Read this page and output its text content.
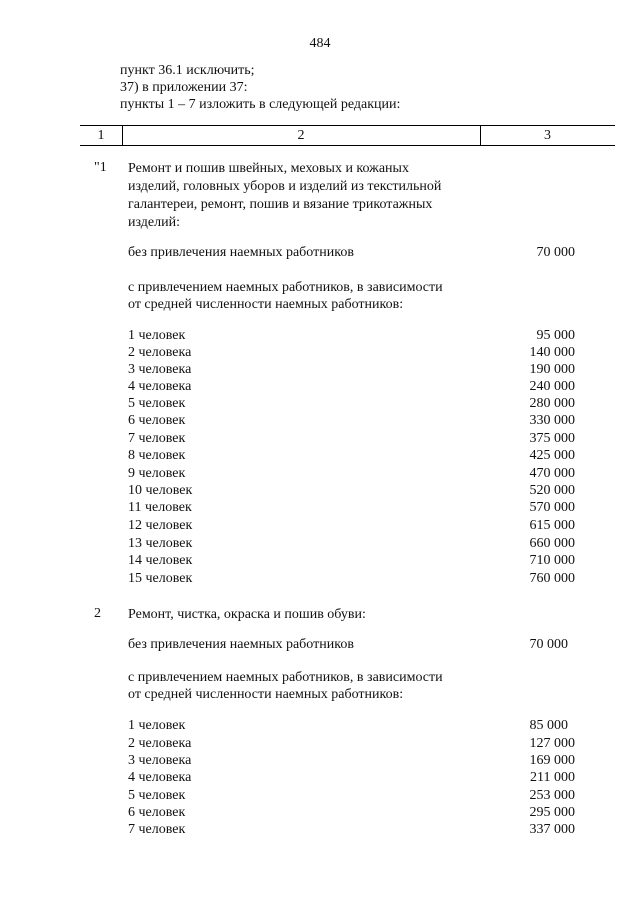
484
пункт 36.1 исключить;
37) в приложении 37:
пункты 1 – 7 изложить в следующей редакции:
1	2	3
"1 Ремонт и пошив швейных, меховых и кожаных
изделий, головных уборов и изделий из текстильной
галантереи, ремонт, пошив и вязание трикотажных
изделий:
без привлечения наемных работников	70 000
с привлечением наемных работников, в зависимости
от средней численности наемных работников:
1 человек	95 000
2 человека	140 000
3 человека	190 000
4 человека	240 000
5 человек	280 000
6 человек	330 000
7 человек	375 000
8 человек	425 000
9 человек	470 000
10 человек	520 000
11 человек	570 000
12 человек	615 000
13 человек	660 000
14 человек	710 000
15 человек	760 000
2 Ремонт, чистка, окраска и пошив обуви:
без привлечения наемных работников	70 000
с привлечением наемных работников, в зависимости
от средней численности наемных работников:
1 человек	85 000
2 человека	127 000
3 человека	169 000
4 человека	211 000
5 человек	253 000
6 человек	295 000
7 человек	337 000
